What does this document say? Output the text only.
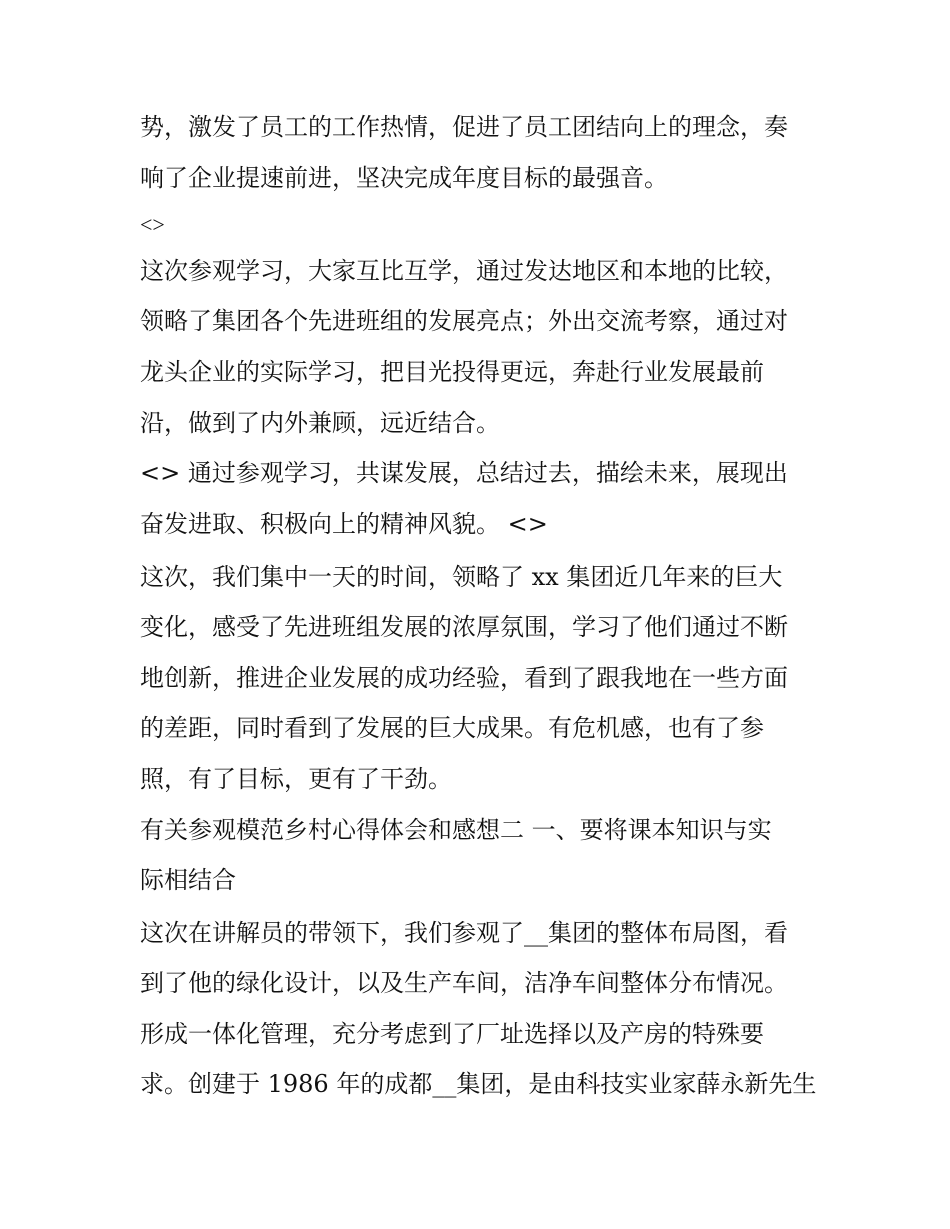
势，激发了员工的工作热情，促进了员工团结向上的理念，奏
响了企业提速前进，坚决完成年度目标的最强音。
<>
这次参观学习，大家互比互学，通过发达地区和本地的比较，
领略了集团各个先进班组的发展亮点；外出交流考察，通过对
龙头企业的实际学习，把目光投得更远，奔赴行业发展最前
沿，做到了内外兼顾，远近结合。
<> 通过参观学习，共谋发展，总结过去，描绘未来，展现出
奋发进取、积极向上的精神风貌。 <>
这次，我们集中一天的时间，领略了 xx 集团近几年来的巨大
变化，感受了先进班组发展的浓厚氛围，学习了他们通过不断
地创新，推进企业发展的成功经验，看到了跟我地在一些方面
的差距，同时看到了发展的巨大成果。有危机感，也有了参
照，有了目标，更有了干劲。
有关参观模范乡村心得体会和感想二 一、要将课本知识与实
际相结合
这次在讲解员的带领下，我们参观了__集团的整体布局图，看
到了他的绿化设计，以及生产车间，洁净车间整体分布情况。
形成一体化管理，充分考虑到了厂址选择以及产房的特殊要
求。创建于 1986 年的成都__集团，是由科技实业家薛永新先生
